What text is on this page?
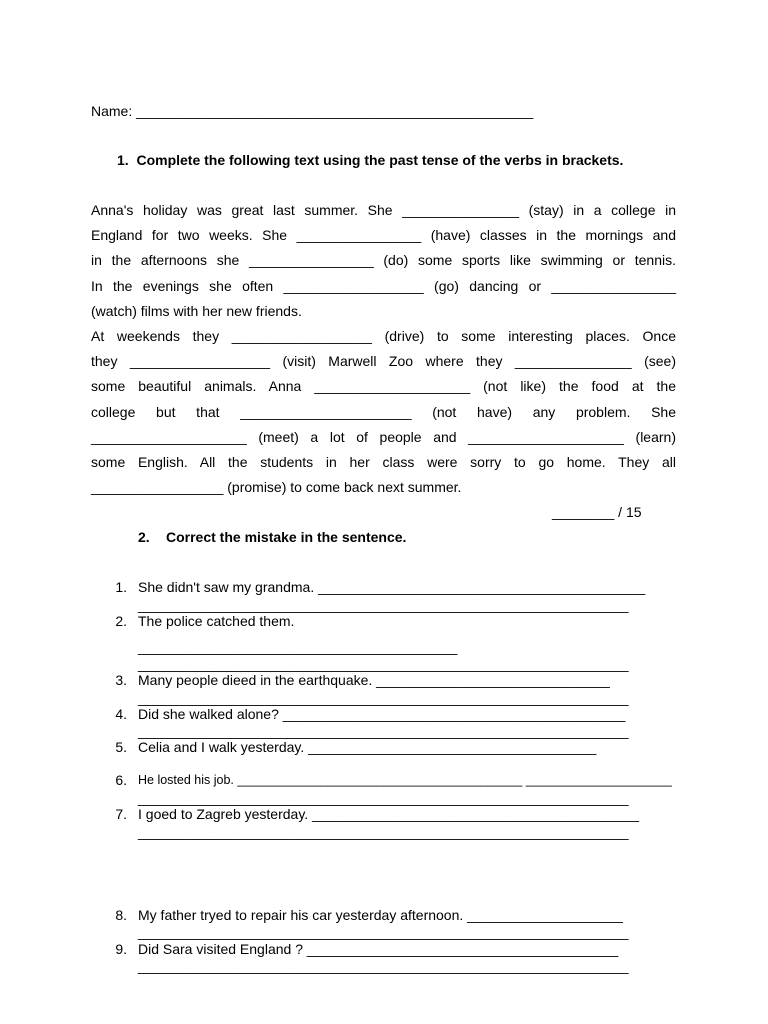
Name: ___________________________________________________
1.  Complete the following text using the past tense of the verbs in brackets.
Anna's holiday was great last summer. She _______________ (stay) in a college in
England for two weeks. She ________________ (have) classes in the mornings and
in the afternoons she ________________ (do) some sports like swimming or tennis.
In the evenings she often __________________ (go) dancing or ________________
(watch) films with her new friends.
At weekends they __________________ (drive) to some interesting places. Once
they __________________ (visit) Marwell Zoo where they _______________ (see)
some beautiful animals. Anna ____________________ (not like) the food at the
college but that ______________________ (not have) any problem. She
____________________ (meet) a lot of people and ____________________ (learn)
some English. All the students in her class were sorry to go home. They all
_________________ (promise) to come back next summer.
________ / 15
2. Correct the mistake in the sentence.
1. She didn't saw my grandma. __________________________________________
_______________________________________________________________
2. The police catched them.
_________________________________________
_______________________________________________________________
3. Many people dieed in the earthquake. ______________________________
_______________________________________________________________
4. Did she walked alone? ____________________________________________
_______________________________________________________________
5. Celia and I walk yesterday. _____________________________________
6. He losted his job. _________________________________________ _____________________
_______________________________________________________________
7. I goed to Zagreb yesterday. __________________________________________
_______________________________________________________________
8. My father tryed to repair his car yesterday afternoon. ____________________
_______________________________________________________________
9. Did Sara visited England ? ________________________________________
_______________________________________________________________
